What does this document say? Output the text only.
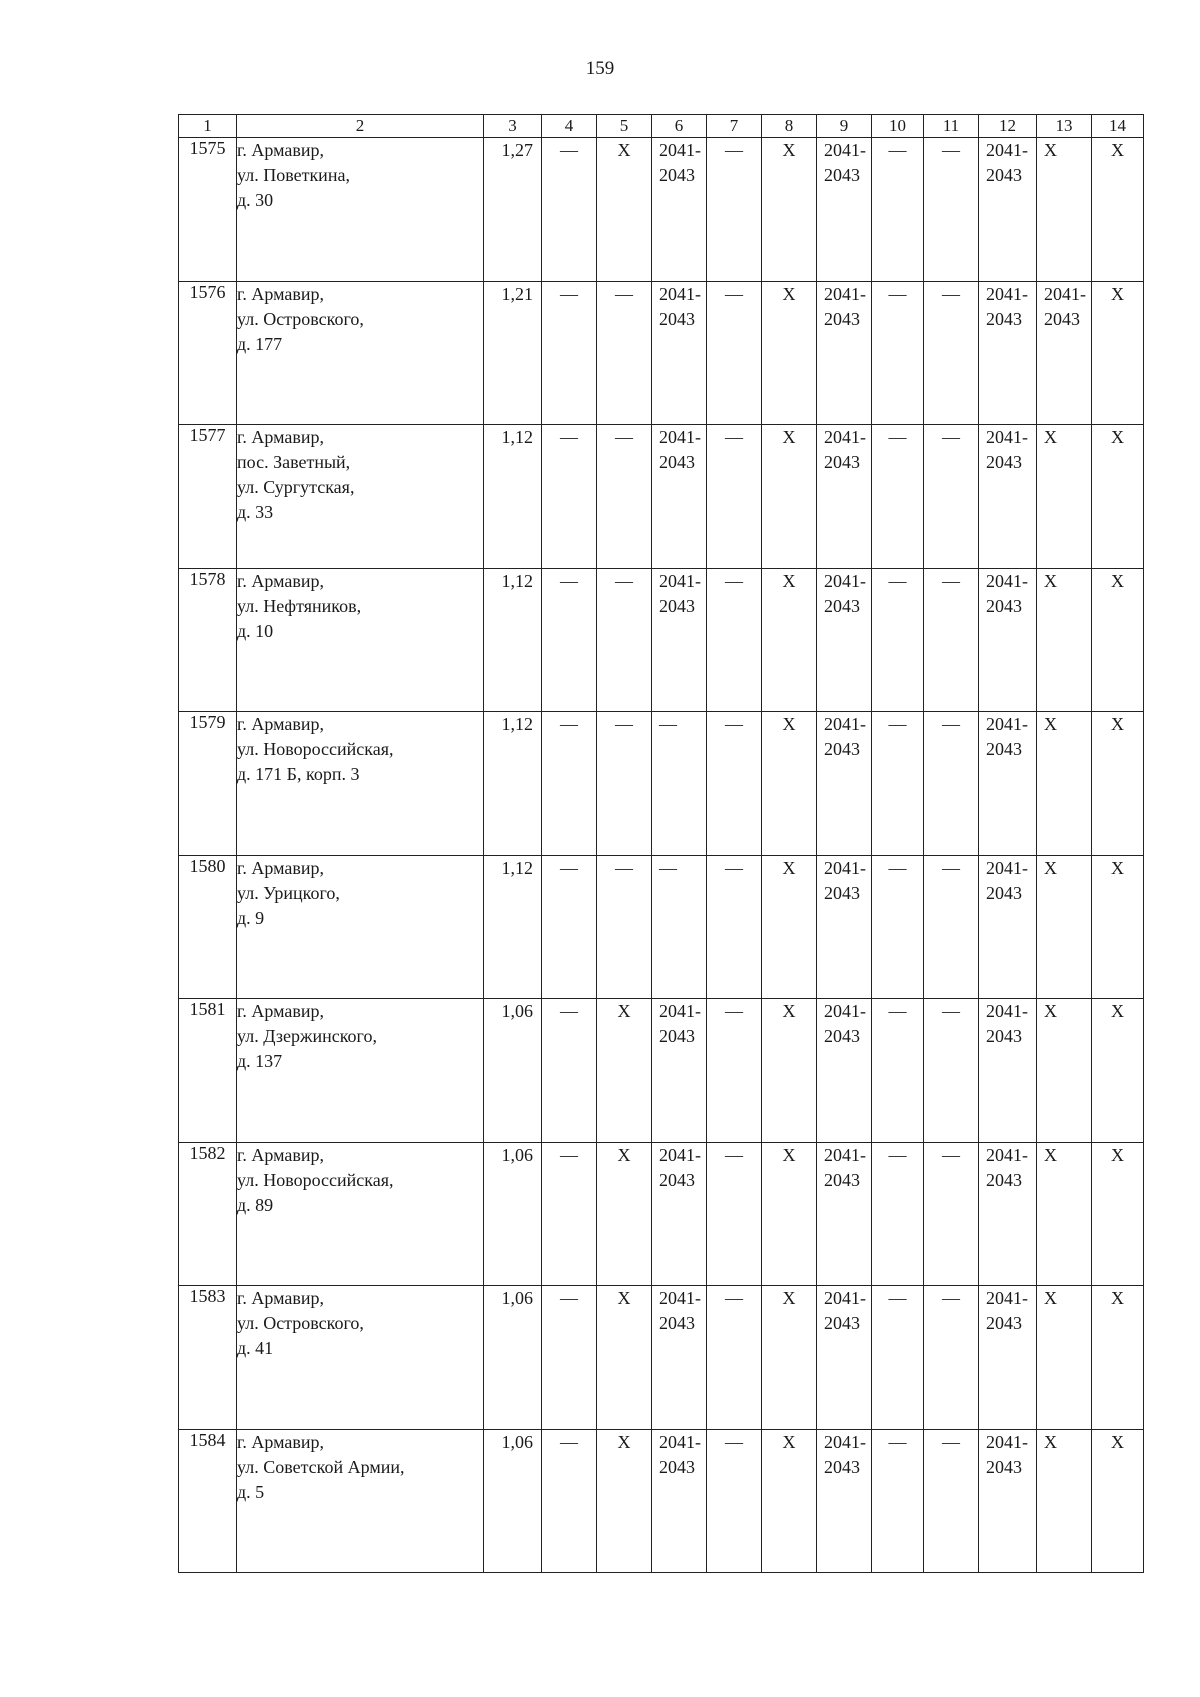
159
1	2	3	4	5	6	7	8	9	10	11	12	13	14
1575	г. Армавир,
ул. Поветкина,
д. 30	1,27	—	X	2041-
2043	—	X	2041-
2043	—	—	2041-
2043	X	X
1576	г. Армавир,
ул. Островского,
д. 177	1,21	—	—	2041-
2043	—	X	2041-
2043	—	—	2041-
2043	2041-
2043	X
1577	г. Армавир,
пос. Заветный,
ул. Сургутская,
д. 33	1,12	—	—	2041-
2043	—	X	2041-
2043	—	—	2041-
2043	X	X
1578	г. Армавир,
ул. Нефтяников,
д. 10	1,12	—	—	2041-
2043	—	X	2041-
2043	—	—	2041-
2043	X	X
1579	г. Армавир,
ул. Новороссийская,
д. 171 Б, корп. 3	1,12	—	—	—	—	X	2041-
2043	—	—	2041-
2043	X	X
1580	г. Армавир,
ул. Урицкого,
д. 9	1,12	—	—	—	—	X	2041-
2043	—	—	2041-
2043	X	X
1581	г. Армавир,
ул. Дзержинского,
д. 137	1,06	—	X	2041-
2043	—	X	2041-
2043	—	—	2041-
2043	X	X
1582	г. Армавир,
ул. Новороссийская,
д. 89	1,06	—	X	2041-
2043	—	X	2041-
2043	—	—	2041-
2043	X	X
1583	г. Армавир,
ул. Островского,
д. 41	1,06	—	X	2041-
2043	—	X	2041-
2043	—	—	2041-
2043	X	X
1584	г. Армавир,
ул. Советской Армии,
д. 5	1,06	—	X	2041-
2043	—	X	2041-
2043	—	—	2041-
2043	X	X
